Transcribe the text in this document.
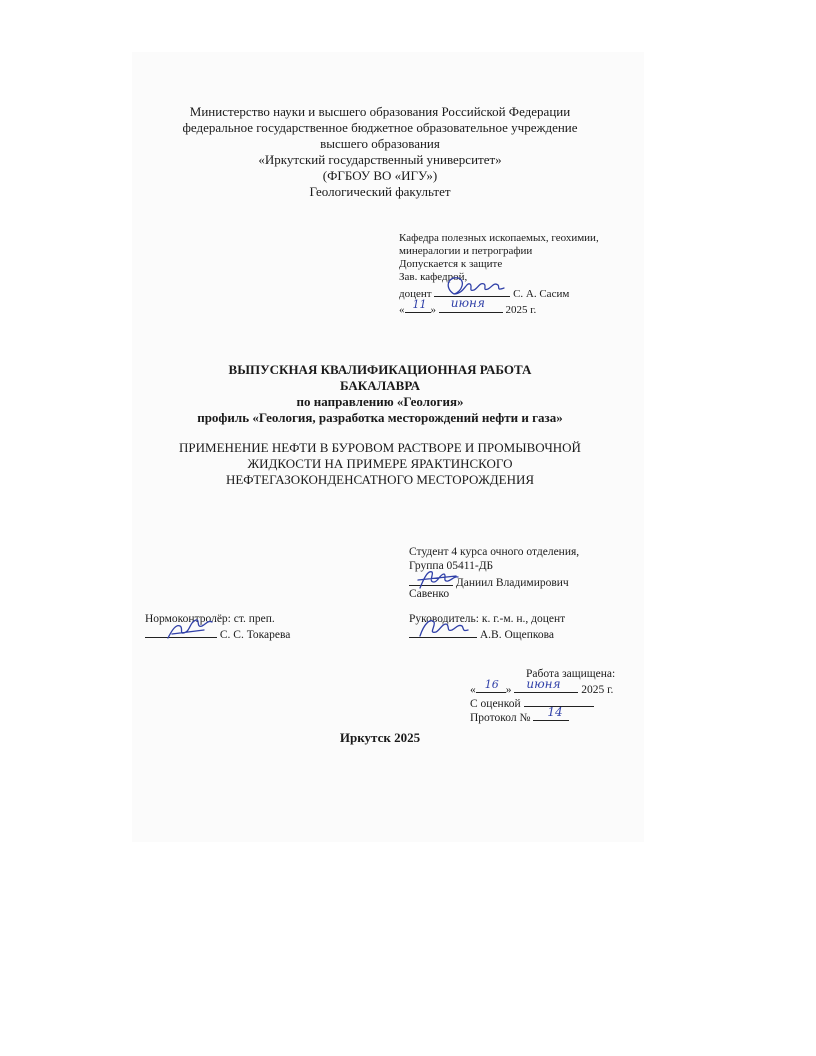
Министерство науки и высшего образования Российской Федерации
федеральное государственное бюджетное образовательное учреждение
высшего образования
«Иркутский государственный университет»
(ФГБОУ ВО «ИГУ»)
Геологический факультет
Кафедра полезных ископаемых, геохимии,
минералогии и петрографии
Допускается к защите
Зав. кафедрой,
доцент	С. А. Сасим
« 11 » июня 2025 г.
ВЫПУСКНАЯ КВАЛИФИКАЦИОННАЯ РАБОТА
БАКАЛАВРА
по направлению «Геология»
профиль «Геология, разработка месторождений нефти и газа»
ПРИМЕНЕНИЕ НЕФТИ В БУРОВОМ РАСТВОРЕ И ПРОМЫВОЧНОЙ
ЖИДКОСТИ НА ПРИМЕРЕ ЯРАКТИНСКОГО
НЕФТЕГАЗОКОНДЕНСАТНОГО МЕСТОРОЖДЕНИЯ
Студент 4 курса очного отделения,
Группа 05411-ДБ
Даниил Владимирович
Савенко
Нормоконтролёр: ст. преп.
С. С. Токарева
Руководитель: к. г.-м. н., доцент
А.В. Ощепкова
Работа защищена:
« 16 » июня 2025 г.
С оценкой
Протокол № 14
Иркутск 2025
